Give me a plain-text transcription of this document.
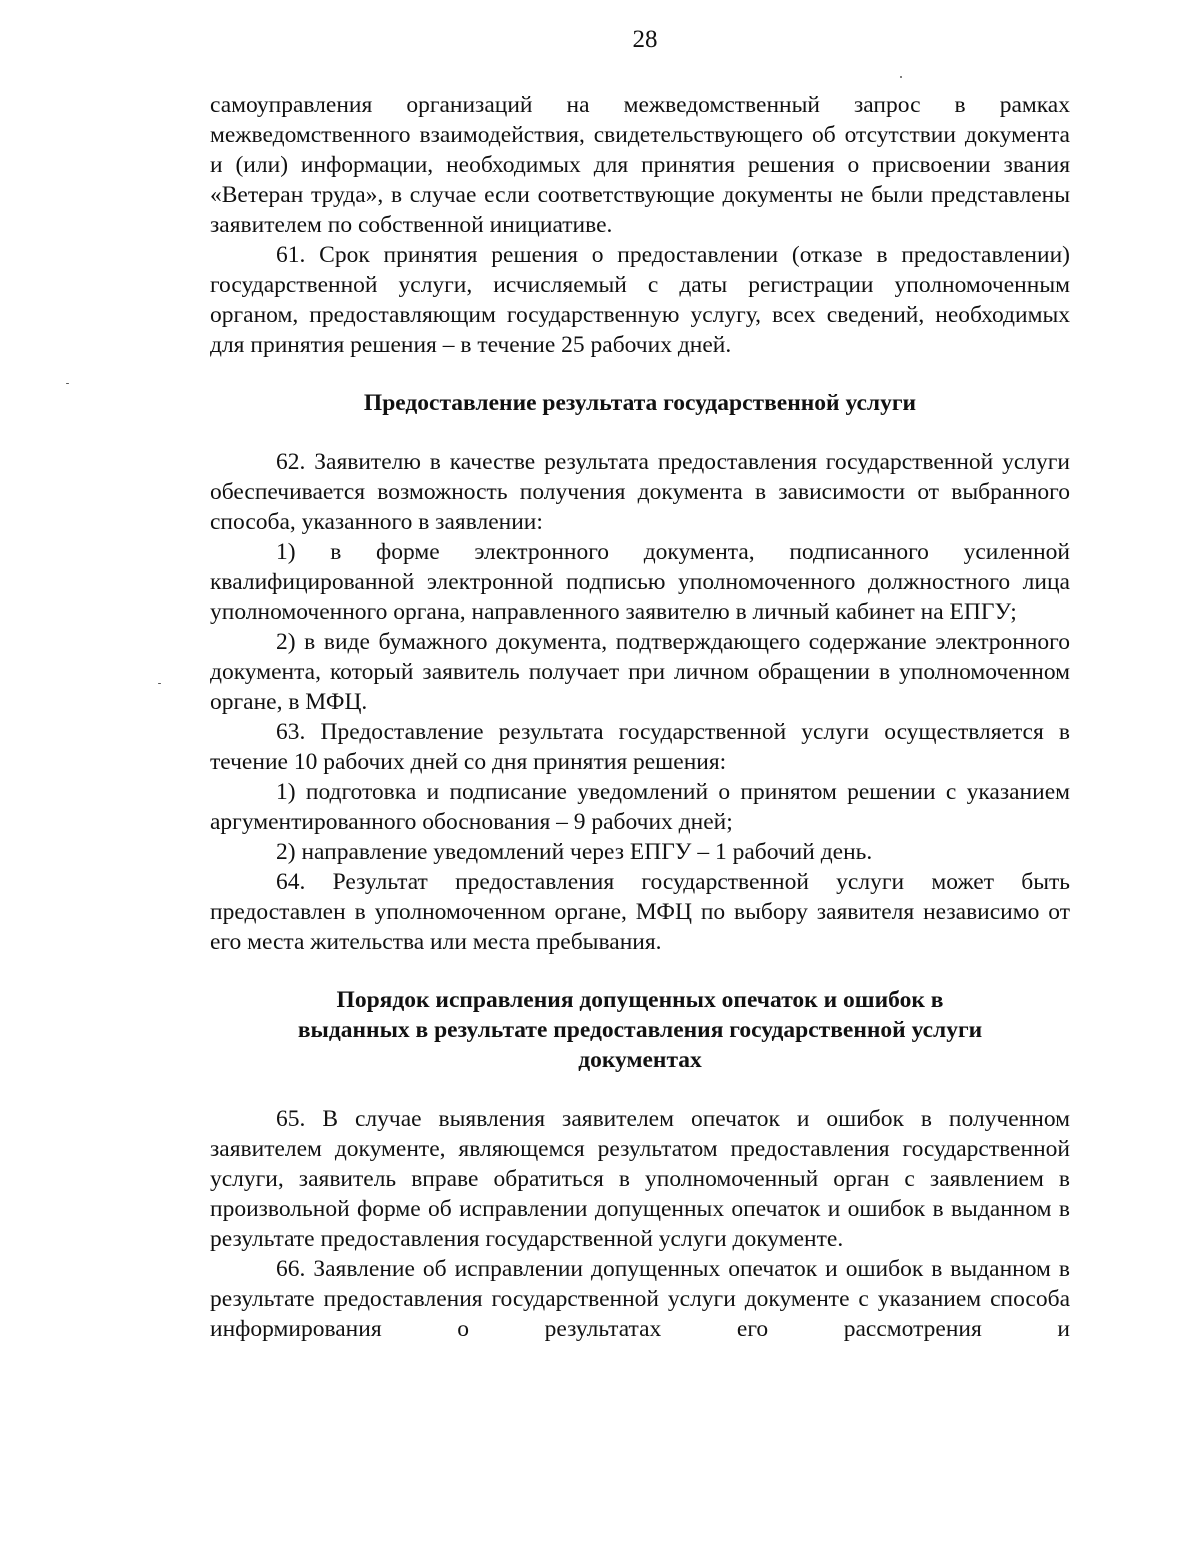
28

самоуправления организаций на межведомственный запрос в рамках межведомственного взаимодействия, свидетельствующего об отсутствии документа и (или) информации, необходимых для принятия решения о присвоении звания «Ветеран труда», в случае если соответствующие документы не были представлены заявителем по собственной инициативе.

61. Срок принятия решения о предоставлении (отказе в предоставлении) государственной услуги, исчисляемый с даты регистрации уполномоченным органом, предоставляющим государственную услугу, всех сведений, необходимых для принятия решения – в течение 25 рабочих дней.

Предоставление результата государственной услуги

62. Заявителю в качестве результата предоставления государственной услуги обеспечивается возможность получения документа в зависимости от выбранного способа, указанного в заявлении:

1) в форме электронного документа, подписанного усиленной квалифицированной электронной подписью уполномоченного должностного лица уполномоченного органа, направленного заявителю в личный кабинет на ЕПГУ;

2) в виде бумажного документа, подтверждающего содержание электронного документа, который заявитель получает при личном обращении в уполномоченном органе, в МФЦ.

63. Предоставление результата государственной услуги осуществляется в течение 10 рабочих дней со дня принятия решения:

1) подготовка и подписание уведомлений о принятом решении с указанием аргументированного обоснования – 9 рабочих дней;

2) направление уведомлений через ЕПГУ – 1 рабочий день.

64. Результат предоставления государственной услуги может быть предоставлен в уполномоченном органе, МФЦ по выбору заявителя независимо от его места жительства или места пребывания.

Порядок исправления допущенных опечаток и ошибок в
выданных в результате предоставления государственной услуги
документах

65. В случае выявления заявителем опечаток и ошибок в полученном заявителем документе, являющемся результатом предоставления государственной услуги, заявитель вправе обратиться в уполномоченный орган с заявлением в произвольной форме об исправлении допущенных опечаток и ошибок в выданном в результате предоставления государственной услуги документе.

66. Заявление об исправлении допущенных опечаток и ошибок в выданном в результате предоставления государственной услуги документе с указанием способа информирования о результатах его рассмотрения и
